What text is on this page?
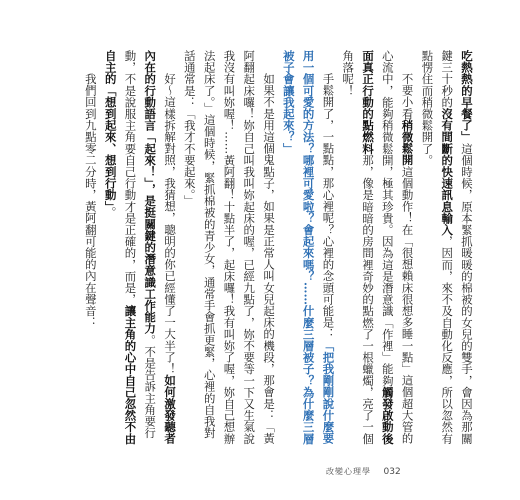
吃熱熱的早餐了」這個時候，原本緊抓暖暖的棉被的女兒的雙手，會因為那關鍵三十秒的沒有間斷的快速訊息輸入，因而，來不及自動化反應，所以忽然有點愣住而稍微鬆開了。

不要小看稍微鬆開這個動作！在「很想賴床很想多睡一點」這個超大管的心流中，能夠稍微鬆開，極其珍貴。因為這是潛意識「作裡」能夠觸發啟動後面真正行動的點燃料那，像是暗暗的房間裡奇妙的點燃了一根蠟燭，亮了一個角落呢！

手鬆開了，一點點，那心裡呢？心裡的念頭可能是：「把我剛剛說什麼要用一個可愛的方法？哪裡可愛啦？會起來嗎？……什麼三層被子？為什麼三層被子會讓我起來？」

如果不是用這個鬼點子，如果是正常人叫女兒起床的機段，那會是：「黃阿翻起床囉！妳自己叫我叫妳起床的喔，已經九點了，妳不要等一下又生氣說我沒有叫妳喔！……黃阿翻！十點半了，起床囉！我有叫妳了喔，妳自己想辦法起床了。」這個時候，緊抓棉被的青少女，通常手會抓更緊，心裡的自我對話通常是：「我才不要起來。」

好～這樣拆解對照，我猜想，聰明的你已經懂了一大半了！如何激發聽者內在的行動語言「起來！」，是挺關鍵的潛意識工作能力。不是告訴主角要行動，不是說服主角要自己行動才是正確的，而是，讓主角的心中自己忽然不由自主的「想到起來、想到行動」。

我們回到九點零二分時，黃阿翻可能的內在聲音：

改變心理學 032
